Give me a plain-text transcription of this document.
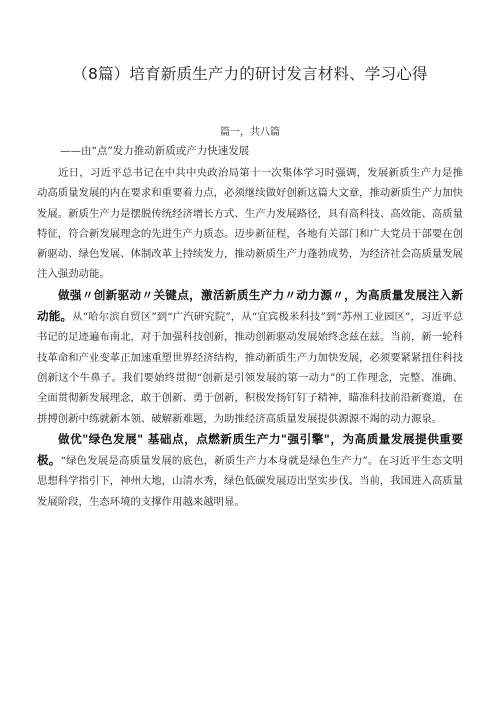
（8篇）培育新质生产力的研讨发言材料、学习心得
篇一，共八篇
——由“点”发力推动新质或产力快速发展

近日，习近平总书记在中共中央政治局第十一次集体学习时强调，发展新质生产力是推动高质量发展的内在要求和重要着力点，必须继续做好创新这篇大文章，推动新质生产力加快发展。新质生产力是摆脱传统经济增长方式、生产力发展路径，具有高科技、高效能、高质量特征，符合新发展理念的先进生产力质态。迈步新征程，各地有关部门和广大党员干部要在创新驱动、绿色发展、体制改革上持续发力，推动新质生产力蓬勃成势，为经济社会高质量发展注入强劲动能。

做强〃创新驱动〃关键点，激活新质生产力〃动力源〃，为高质量发展注入新动能。从“哈尔滨自贸区”到“广汽研究院”，从“宜宾极米科技”到“苏州工业园区”，习近平总书记的足迹遍布南北，对于加强科技创新，推动创新驱动发展始终念兹在兹。当前，新一轮科技革命和产业变革正加速重塑世界经济结构，推动新质生产力加快发展，必须要紧紧扭住科技创新这个牛鼻子。我们要始终贯彻“创新是引领发展的第一动力”的工作理念，完整、准确、全面贯彻新发展理念，敢于创新、勇于创新，积极发扬钉钉子精神，瞄准科技前沿新赛道，在拼搏创新中练就新本领、破解新难题，为助推经济高质量发展提供源源不竭的动力源泉。

做优"绿色发展" 基础点，点燃新质生产力"强引擎"，为高质量发展提供重要极。“绿色发展是高质量发展的底色，新质生产力本身就是绿色生产力”。在习近平生态文明思想科学指引下，神州大地，山清水秀，绿色低碳发展迈出坚实步伐。当前，我国进入高质量发展阶段，生态环境的支撑作用越来越明显。
